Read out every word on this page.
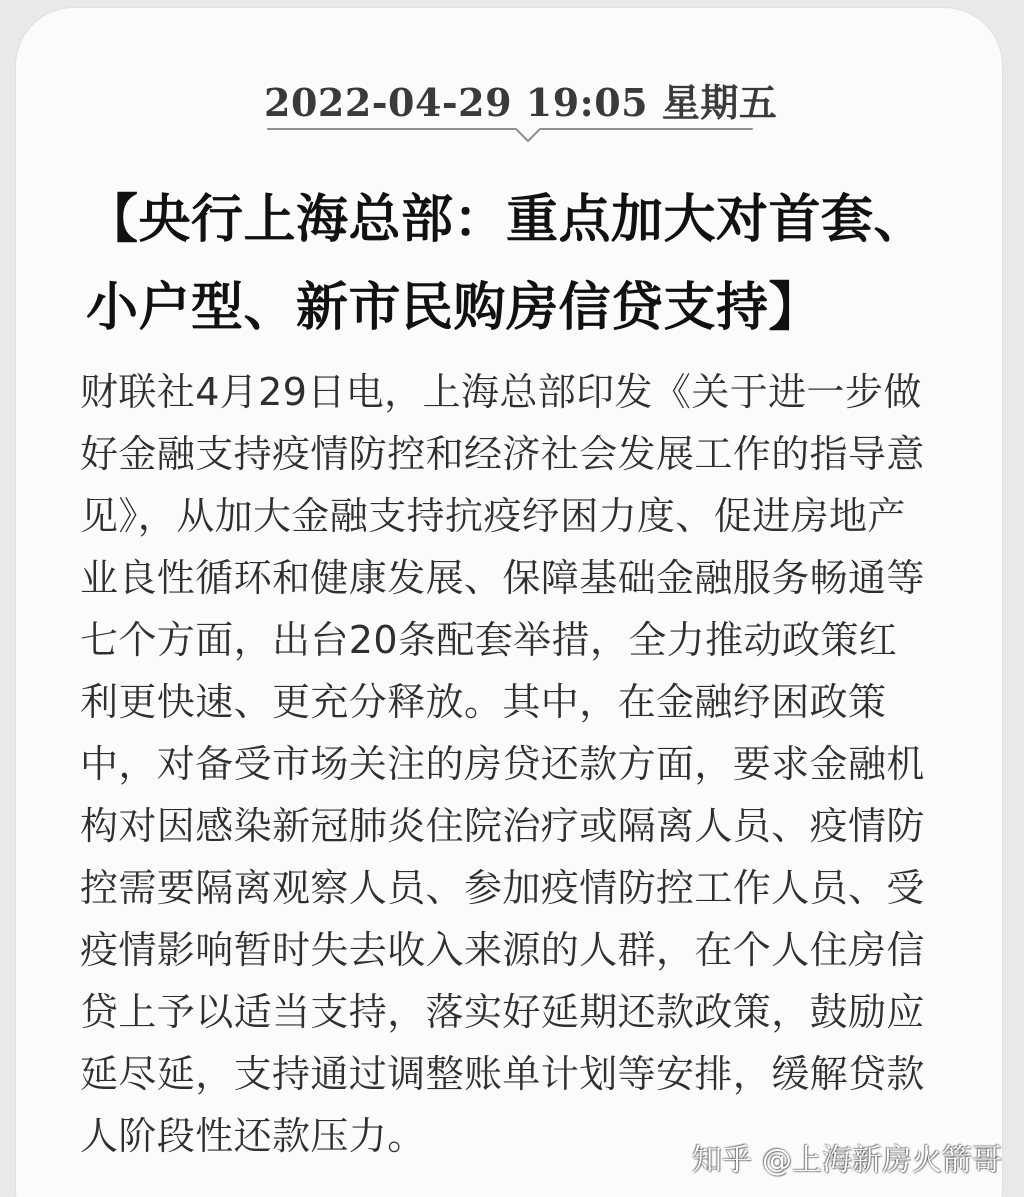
2022-04-29 19:05 星期五
【央行上海总部：重点加大对首套、
小户型、新市民购房信贷支持】
财联社4月29日电，上海总部印发《关于进一步做
好金融支持疫情防控和经济社会发展工作的指导意
见》，从加大金融支持抗疫纾困力度、促进房地产
业良性循环和健康发展、保障基础金融服务畅通等
七个方面，出台20条配套举措，全力推动政策红
利更快速、更充分释放。其中，在金融纾困政策
中，对备受市场关注的房贷还款方面，要求金融机
构对因感染新冠肺炎住院治疗或隔离人员、疫情防
控需要隔离观察人员、参加疫情防控工作人员、受
疫情影响暂时失去收入来源的人群，在个人住房信
贷上予以适当支持，落实好延期还款政策，鼓励应
延尽延，支持通过调整账单计划等安排，缓解贷款
人阶段性还款压力。
知乎 @上海新房火箭哥
